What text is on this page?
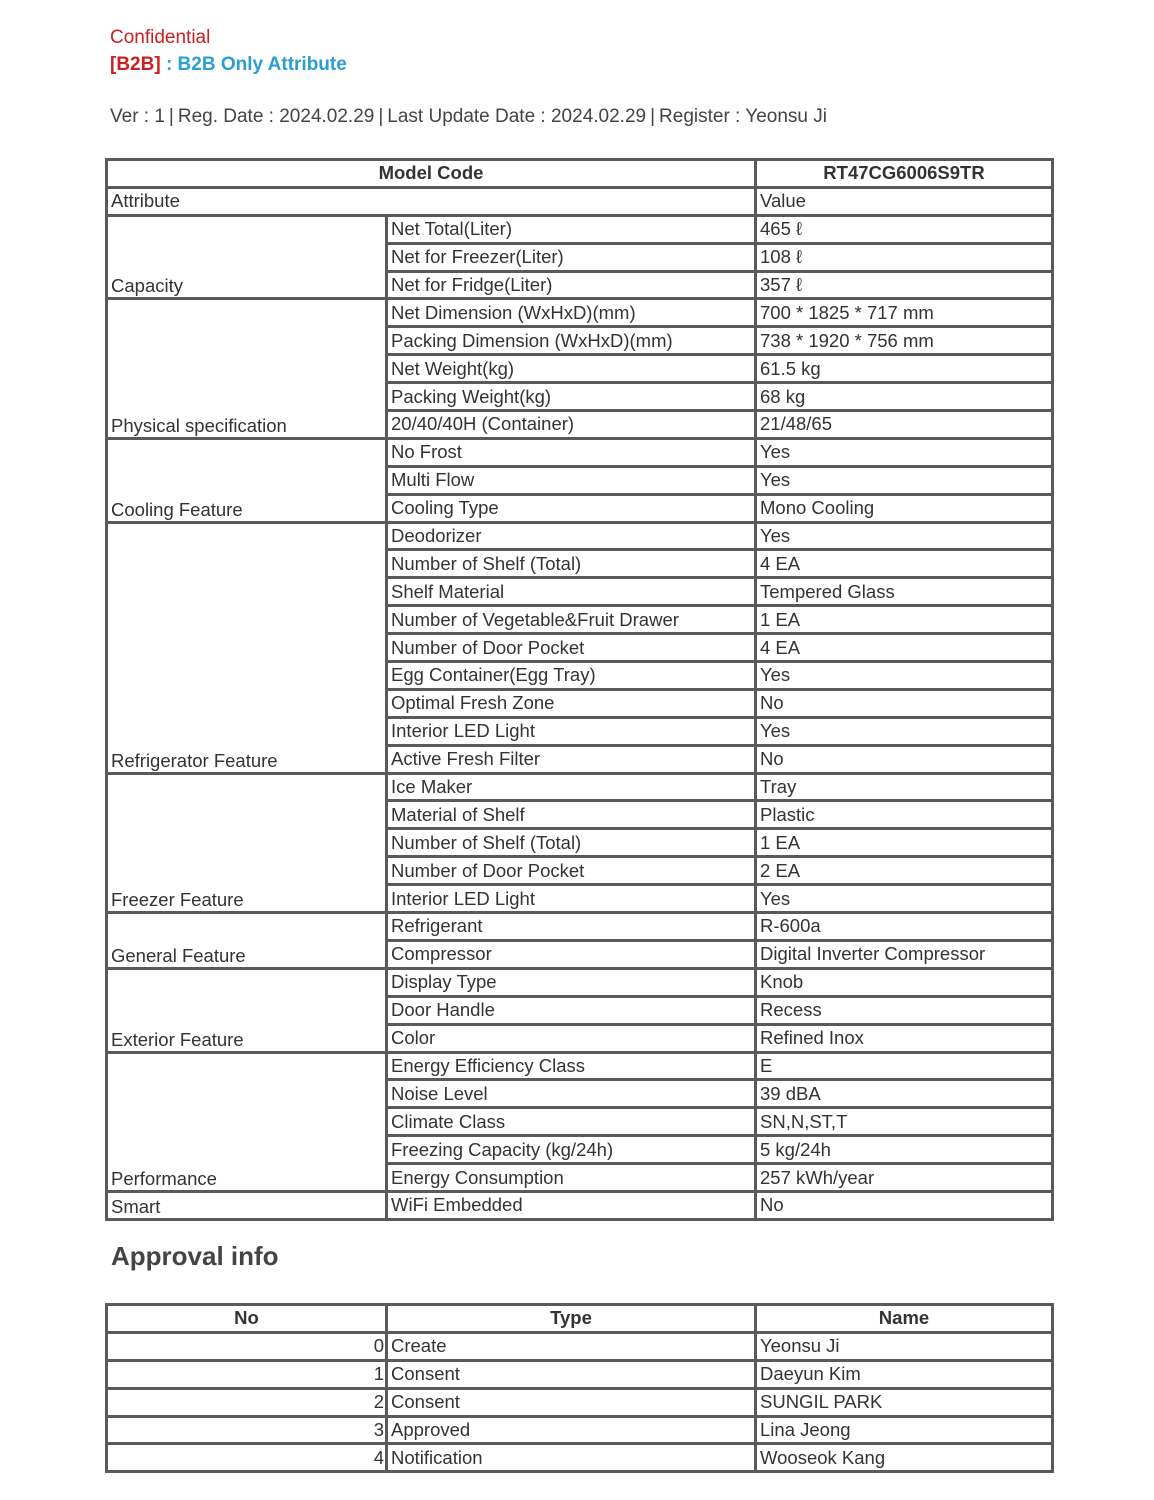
Confidential
[B2B] : B2B Only Attribute
Ver : 1 | Reg. Date : 2024.02.29 | Last Update Date : 2024.02.29 | Register : Yeonsu Ji
Model Code		RT47CG6006S9TR
Attribute		Value
Capacity	Net Total(Liter)	465 ℓ
	Net for Freezer(Liter)	108 ℓ
	Net for Fridge(Liter)	357 ℓ
Physical specification	Net Dimension (WxHxD)(mm)	700 * 1825 * 717 mm
	Packing Dimension (WxHxD)(mm)	738 * 1920 * 756 mm
	Net Weight(kg)	61.5 kg
	Packing Weight(kg)	68 kg
	20/40/40H (Container)	21/48/65
Cooling Feature	No Frost	Yes
	Multi Flow	Yes
	Cooling Type	Mono Cooling
Refrigerator Feature	Deodorizer	Yes
	Number of Shelf (Total)	4 EA
	Shelf Material	Tempered Glass
	Number of Vegetable&Fruit Drawer	1 EA
	Number of Door Pocket	4 EA
	Egg Container(Egg Tray)	Yes
	Optimal Fresh Zone	No
	Interior LED Light	Yes
	Active Fresh Filter	No
Freezer Feature	Ice Maker	Tray
	Material of Shelf	Plastic
	Number of Shelf (Total)	1 EA
	Number of Door Pocket	2 EA
	Interior LED Light	Yes
General Feature	Refrigerant	R-600a
	Compressor	Digital Inverter Compressor
Exterior Feature	Display Type	Knob
	Door Handle	Recess
	Color	Refined Inox
Performance	Energy Efficiency Class	E
	Noise Level	39 dBA
	Climate Class	SN,N,ST,T
	Freezing Capacity (kg/24h)	5 kg/24h
	Energy Consumption	257 kWh/year
Smart	WiFi Embedded	No
Approval info
No	Type	Name
0	Create	Yeonsu Ji
1	Consent	Daeyun Kim
2	Consent	SUNGIL PARK
3	Approved	Lina Jeong
4	Notification	Wooseok Kang
